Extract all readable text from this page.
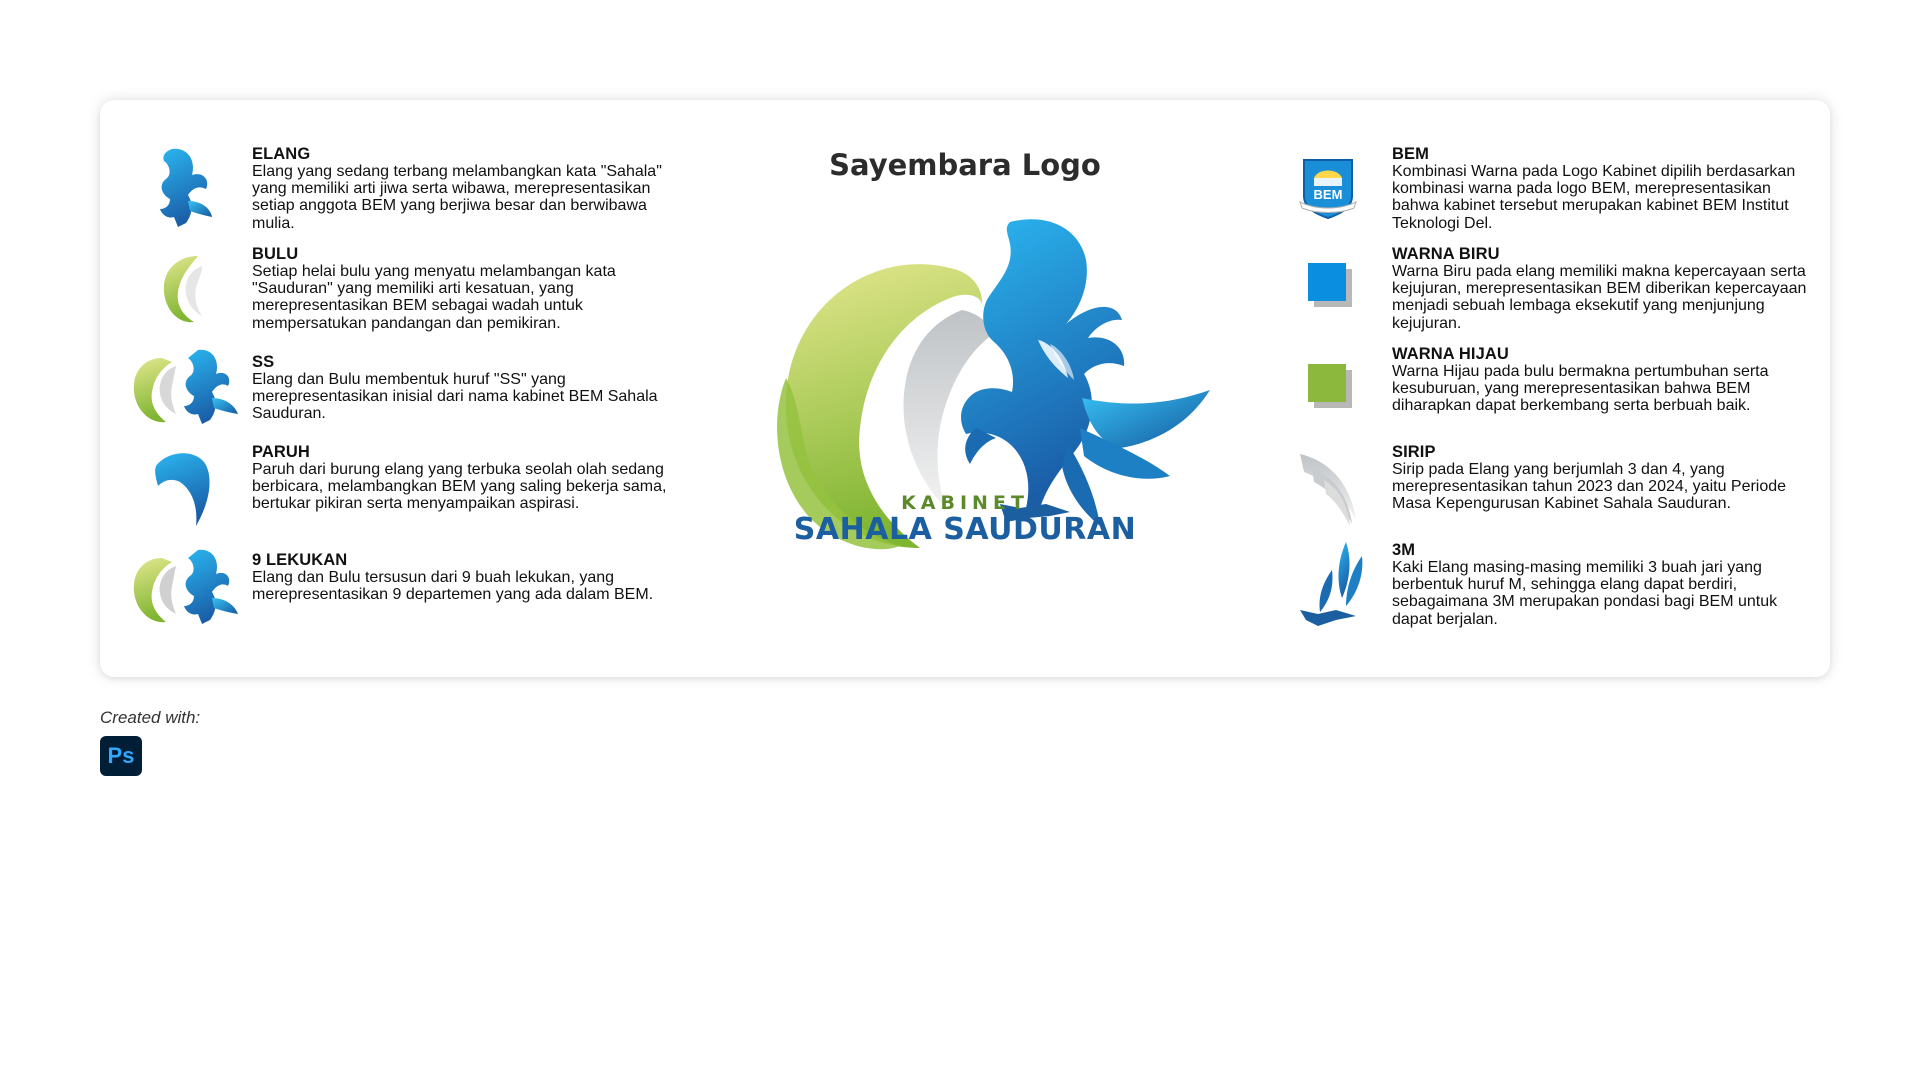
ELANG
Elang yang sedang terbang melambangkan kata "Sahala" yang memiliki arti jiwa serta wibawa, merepresentasikan setiap anggota BEM yang berjiwa besar dan berwibawa mulia.
BULU
Setiap helai bulu yang menyatu melambangan kata "Sauduran" yang memiliki arti kesatuan, yang merepresentasikan BEM sebagai wadah untuk mempersatukan pandangan dan pemikiran.
SS
Elang dan Bulu membentuk huruf "SS" yang merepresentasikan inisial dari nama kabinet BEM Sahala Sauduran.
PARUH
Paruh dari burung elang yang terbuka seolah olah sedang berbicara, melambangkan BEM yang saling bekerja sama, bertukar pikiran serta menyampaikan aspirasi.
9 LEKUKAN
Elang dan Bulu tersusun dari 9 buah lekukan, yang merepresentasikan 9 departemen yang ada dalam BEM.
Sayembara Logo
KABINET
SAHALA SAUDURAN
BEM
BEM
Kombinasi Warna pada Logo Kabinet dipilih berdasarkan kombinasi warna pada logo BEM, merepresentasikan bahwa kabinet tersebut merupakan kabinet BEM Institut Teknologi Del.
WARNA BIRU
Warna Biru pada elang memiliki makna kepercayaan serta kejujuran, merepresentasikan BEM diberikan kepercayaan menjadi sebuah lembaga eksekutif yang menjunjung kejujuran.
WARNA HIJAU
Warna Hijau pada bulu bermakna pertumbuhan serta kesuburuan, yang merepresentasikan bahwa BEM diharapkan dapat berkembang serta berbuah baik.
SIRIP
Sirip pada Elang yang berjumlah 3 dan 4, yang merepresentasikan tahun 2023 dan 2024, yaitu Periode Masa Kepengurusan Kabinet Sahala Sauduran.
3M
Kaki Elang masing-masing memiliki 3 buah jari yang berbentuk huruf M, sehingga elang dapat berdiri, sebagaimana 3M merupakan pondasi bagi BEM untuk dapat berjalan.
Created with:
Ps
